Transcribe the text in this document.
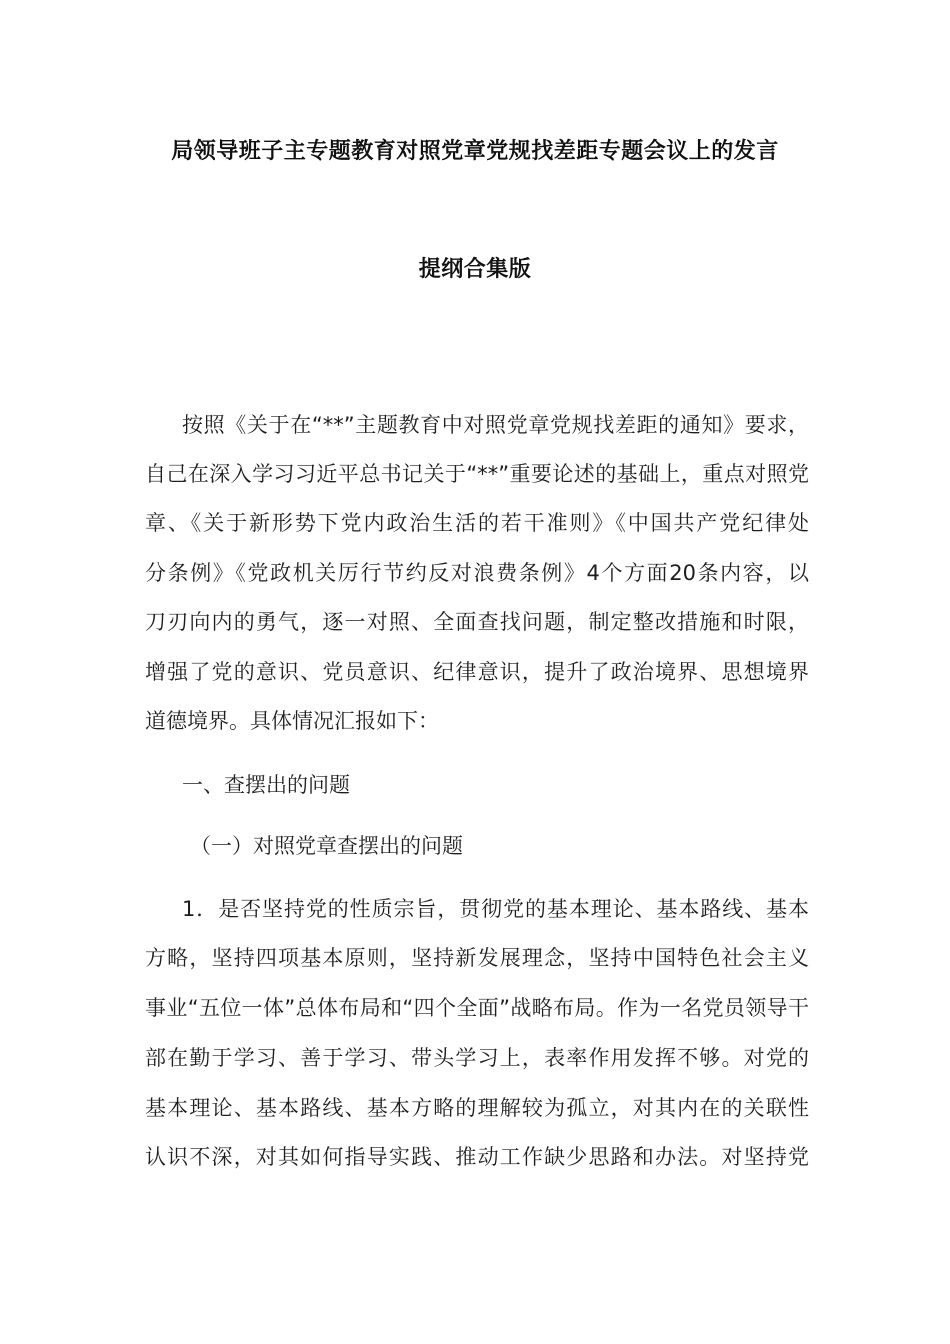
局领导班子主专题教育对照党章党规找差距专题会议上的发言
提纲合集版
按照《关于在“**”主题教育中对照党章党规找差距的通知》要求，
自己在深入学习习近平总书记关于“**”重要论述的基础上，重点对照党
章、《关于新形势下党内政治生活的若干准则》《中国共产党纪律处
分条例》《党政机关厉行节约反对浪费条例》4个方面20条内容，以
刀刃向内的勇气，逐一对照、全面查找问题，制定整改措施和时限，
增强了党的意识、党员意识、纪律意识，提升了政治境界、思想境界
道德境界。具体情况汇报如下：
一、查摆出的问题
（一）对照党章查摆出的问题
1．是否坚持党的性质宗旨，贯彻党的基本理论、基本路线、基本
方略，坚持四项基本原则，坚持新发展理念，坚持中国特色社会主义
事业“五位一体”总体布局和“四个全面”战略布局。作为一名党员领导干
部在勤于学习、善于学习、带头学习上，表率作用发挥不够。对党的
基本理论、基本路线、基本方略的理解较为孤立，对其内在的关联性
认识不深，对其如何指导实践、推动工作缺少思路和办法。对坚持党
